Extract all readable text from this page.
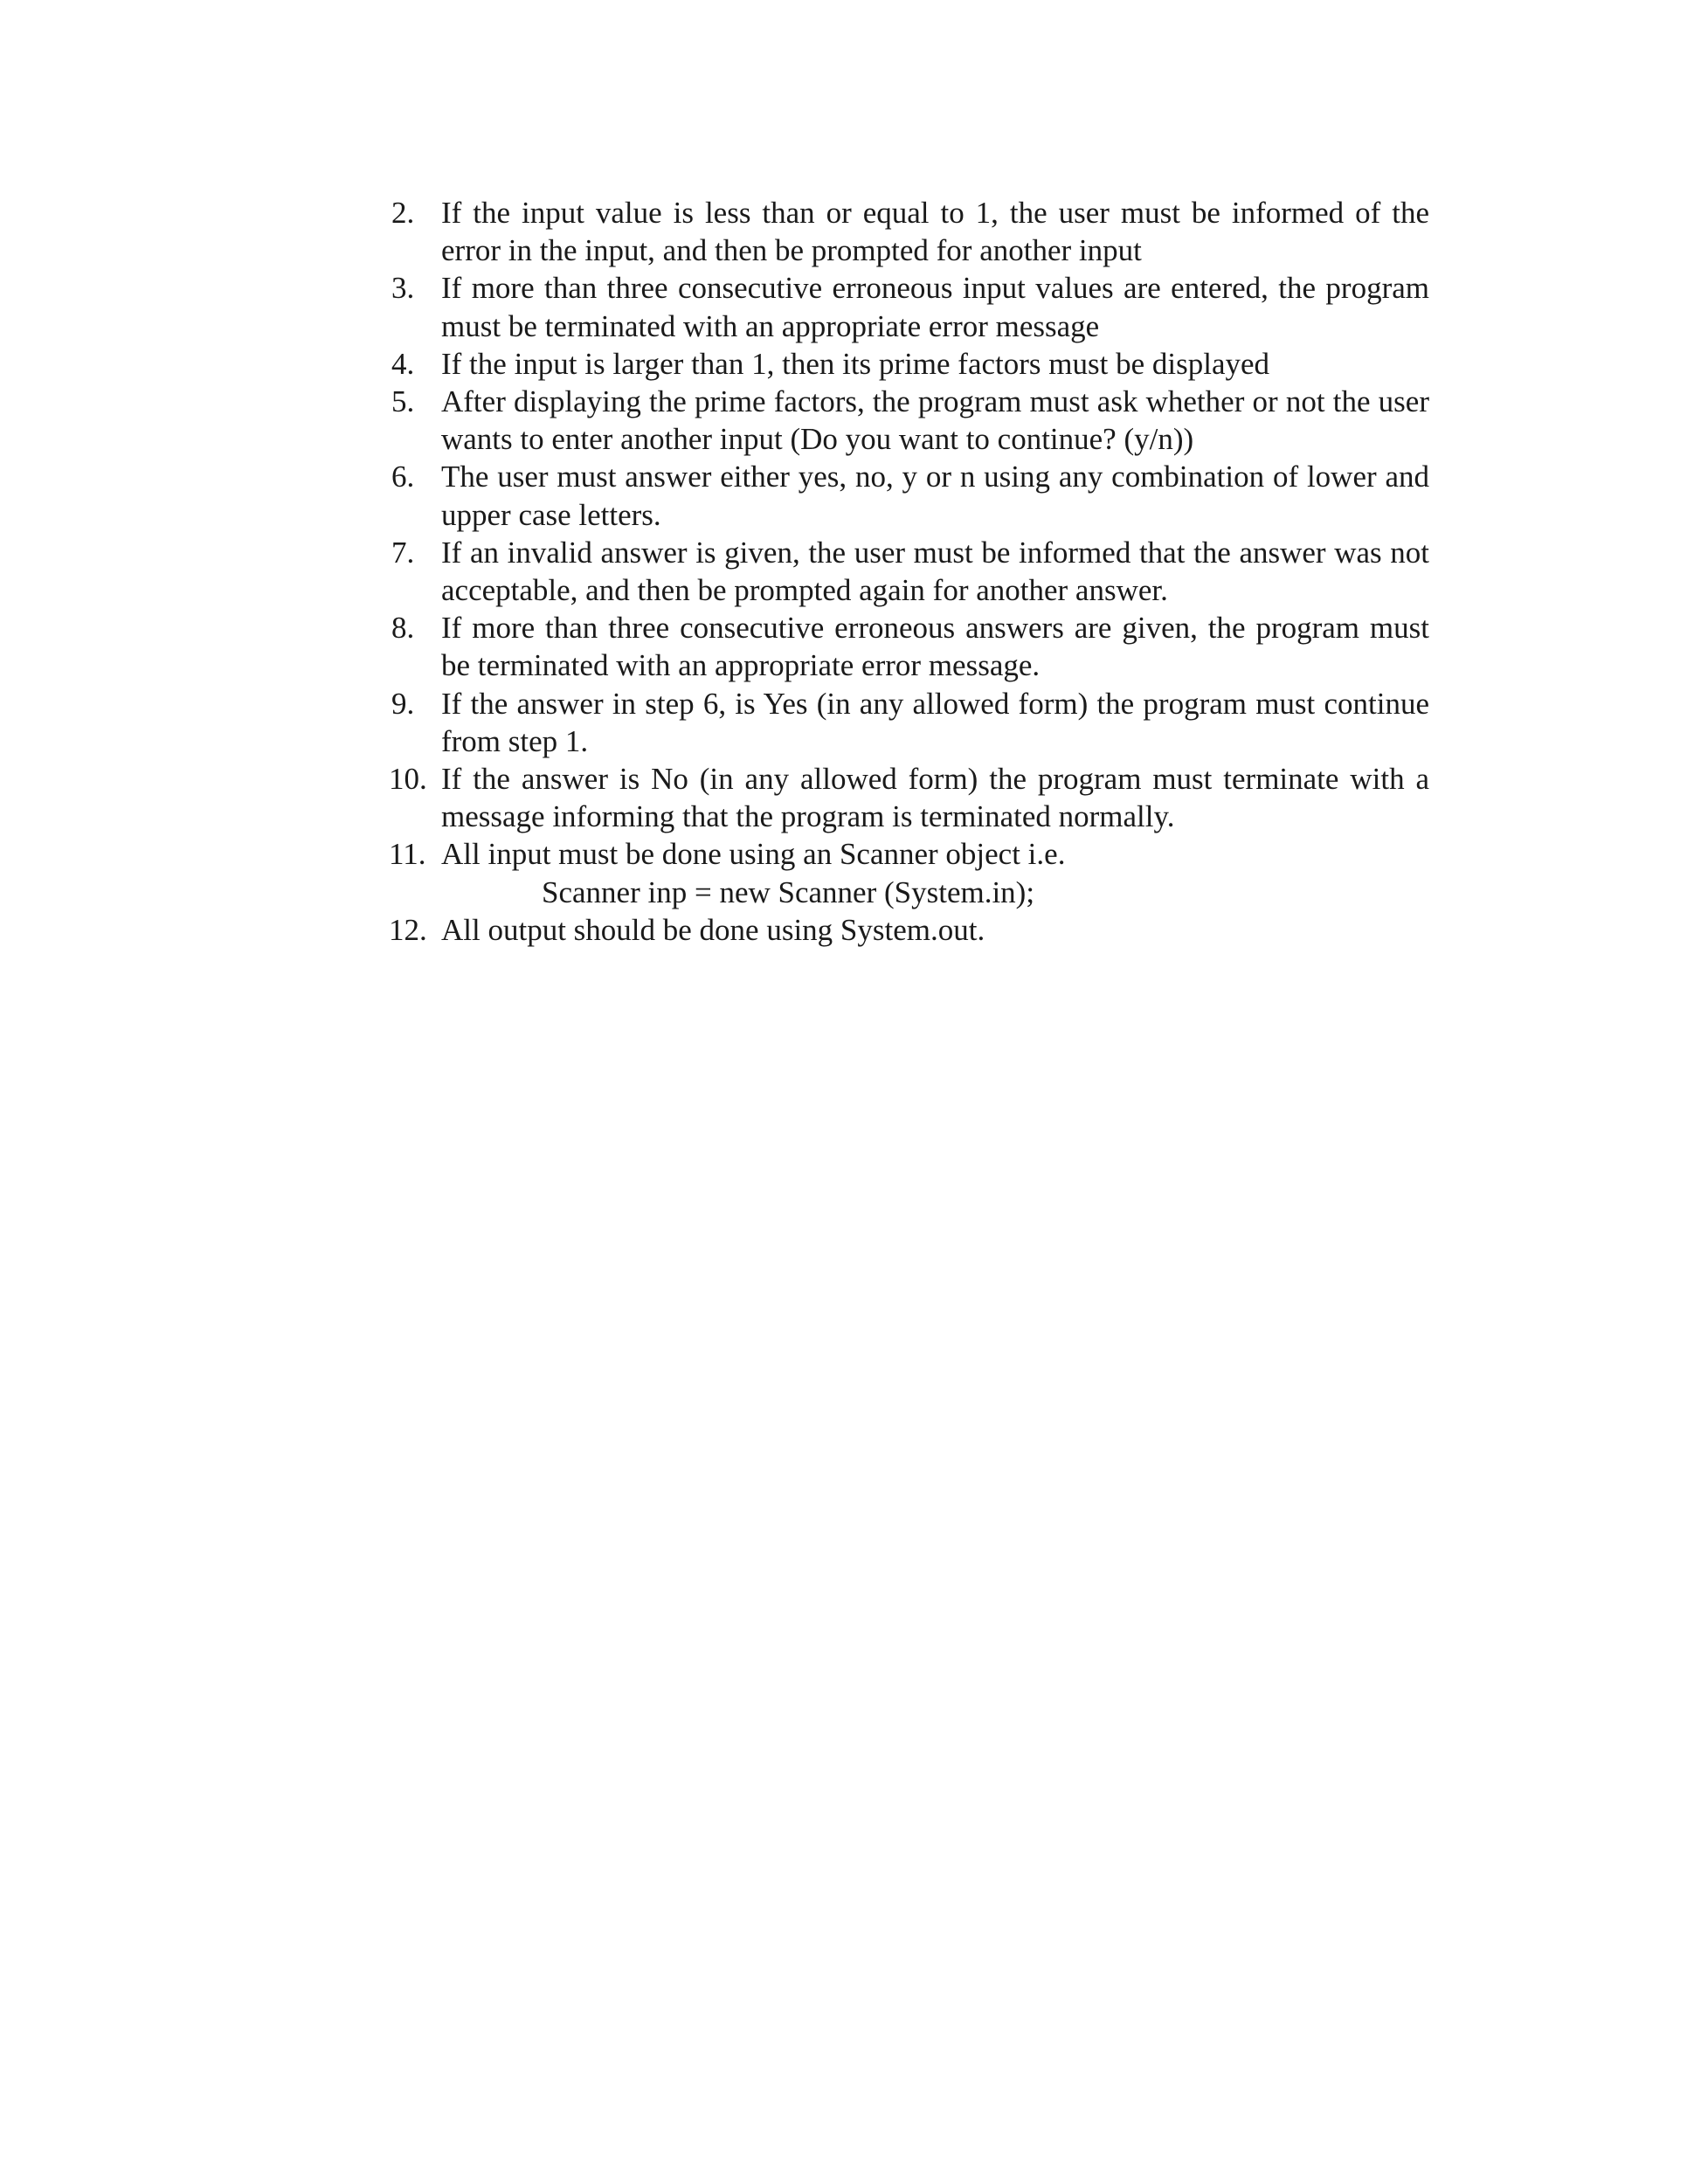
2. If the input value is less than or equal to 1, the user must be informed of the error in the input, and then be prompted for another input
3. If more than three consecutive erroneous input values are entered, the program must be terminated with an appropriate error message
4. If the input is larger than 1, then its prime factors must be displayed
5. After displaying the prime factors, the program must ask whether or not the user wants to enter another input (Do you want to continue? (y/n))
6. The user must answer either yes, no, y or n using any combination of lower and upper case letters.
7. If an invalid answer is given, the user must be informed that the answer was not acceptable, and then be prompted again for another answer.
8. If more than three consecutive erroneous answers are given, the program must be terminated with an appropriate error message.
9. If the answer in step 6, is Yes (in any allowed form) the program must continue from step 1.
10. If the answer is No (in any allowed form) the program must terminate with a message informing that the program is terminated normally.
11. All input must be done using an Scanner object i.e.
Scanner inp = new Scanner (System.in);
12. All output should be done using System.out.
